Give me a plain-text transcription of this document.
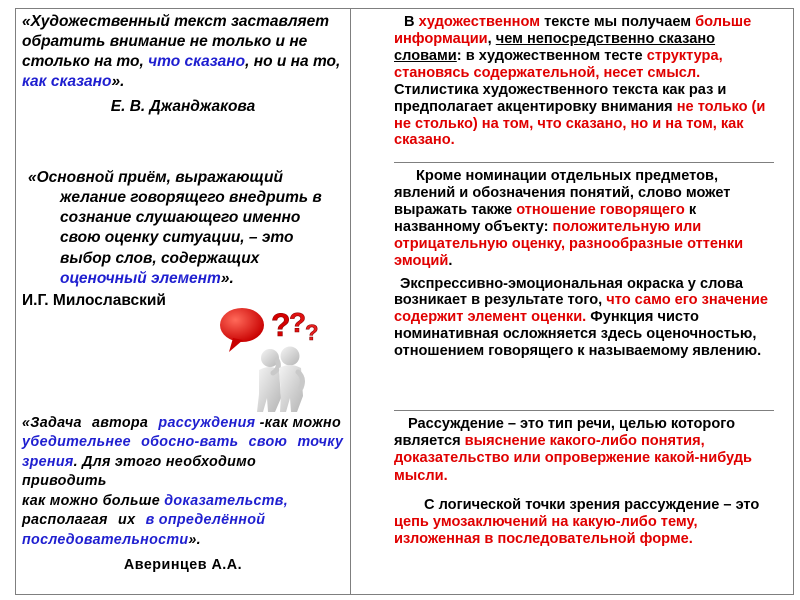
«Художественный текст заставляет обратить внимание не только и не столько на то, что сказано, но и на то, как сказано».
Е. В. Джанджакова
В художественном тексте мы получаем больше информации, чем непосредственно сказано словами: в художественном тесте структура, становясь содержательной, несет смысл. Стилистика художественного текста как раз и предполагает акцентировку внимания не только (и не столько) на том, что сказано, но и на том, как сказано.
«Основной приём, выражающий
желание говорящего внедрить в сознание слушающего именно свою оценку ситуации, – это выбор слов, содержащих оценочный элемент».
И.Г. Милославский

Кроме номинации отдельных предметов, явлений и обозначения понятий, слово может выражать также отношение говорящего к названному объекту: положительную или отрицательную оценку, разнообразные оттенки эмоций.

Экспрессивно-эмоциональная окраска у слова возникает в результате того, что само его значение содержит элемент оценки. Функция чисто номинативная осложняется здесь оценочностью, отношением говорящего к называемому явлению.

?
?
?
«Задача автора рассуждения -как можно убедительнее обосно-вать свою точку зрения. Для этого необходимо приводить
как можно больше доказательств, располагая их в определённой последовательности».
Аверинцев А.А.

Рассуждение – это тип речи, целью которого является выяснение какого-либо понятия, доказательство или опровержение какой-нибудь мысли.

С логической точки зрения рассуждение – это цепь умозаключений на какую-либо тему, изложенная в последовательной форме.
